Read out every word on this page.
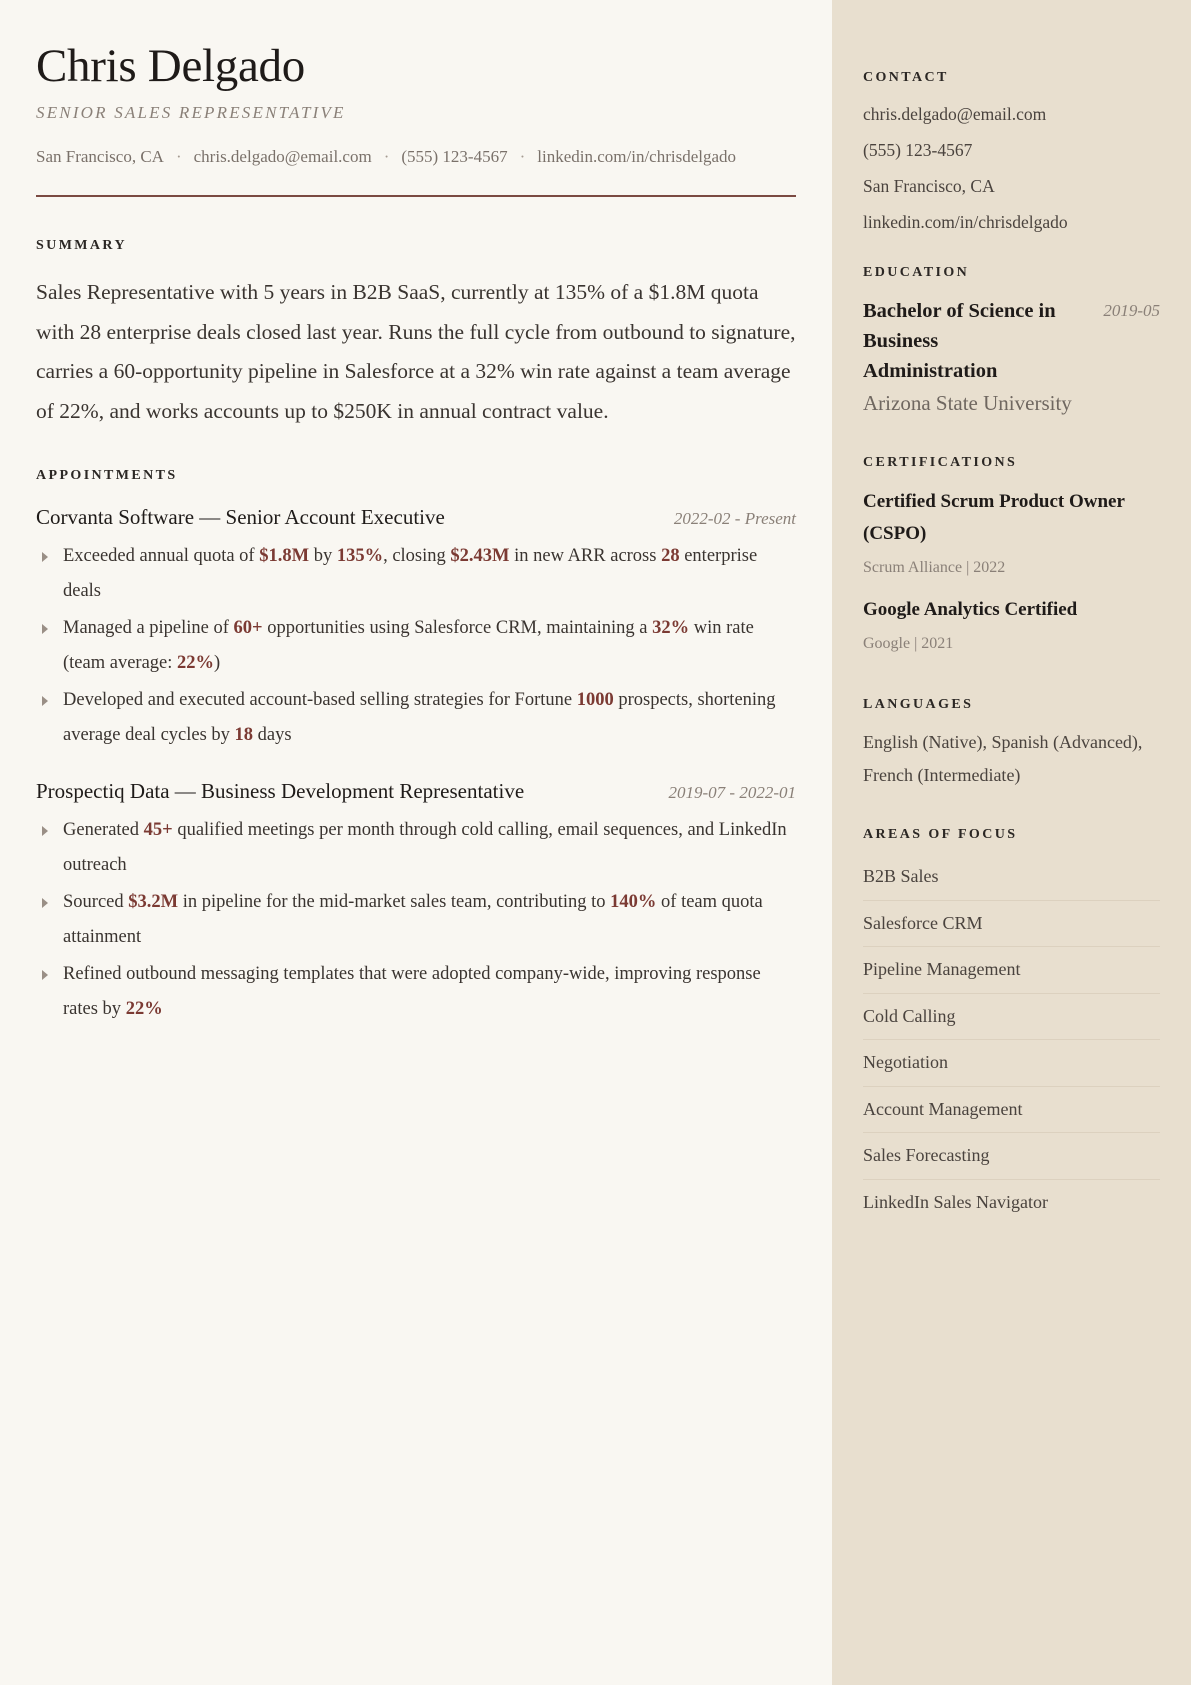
Chris Delgado
SENIOR SALES REPRESENTATIVE
San Francisco, CA · chris.delgado@email.com · (555) 123-4567 · linkedin.com/in/chrisdelgado
SUMMARY
Sales Representative with 5 years in B2B SaaS, currently at 135% of a $1.8M quota with 28 enterprise deals closed last year. Runs the full cycle from outbound to signature, carries a 60-opportunity pipeline in Salesforce at a 32% win rate against a team average of 22%, and works accounts up to $250K in annual contract value.
APPOINTMENTS
Corvanta Software — Senior Account Executive	2022-02 - Present
Exceeded annual quota of $1.8M by 135%, closing $2.43M in new ARR across 28 enterprise deals
Managed a pipeline of 60+ opportunities using Salesforce CRM, maintaining a 32% win rate (team average: 22%)
Developed and executed account-based selling strategies for Fortune 1000 prospects, shortening average deal cycles by 18 days
Prospectiq Data — Business Development Representative	2019-07 - 2022-01
Generated 45+ qualified meetings per month through cold calling, email sequences, and LinkedIn outreach
Sourced $3.2M in pipeline for the mid-market sales team, contributing to 140% of team quota attainment
Refined outbound messaging templates that were adopted company-wide, improving response rates by 22%
CONTACT
chris.delgado@email.com
(555) 123-4567
San Francisco, CA
linkedin.com/in/chrisdelgado
EDUCATION
Bachelor of Science in Business Administration
2019-05
Arizona State University
CERTIFICATIONS
Certified Scrum Product Owner (CSPO)
Scrum Alliance | 2022
Google Analytics Certified
Google | 2021
LANGUAGES
English (Native), Spanish (Advanced), French (Intermediate)
AREAS OF FOCUS
B2B Sales
Salesforce CRM
Pipeline Management
Cold Calling
Negotiation
Account Management
Sales Forecasting
LinkedIn Sales Navigator
